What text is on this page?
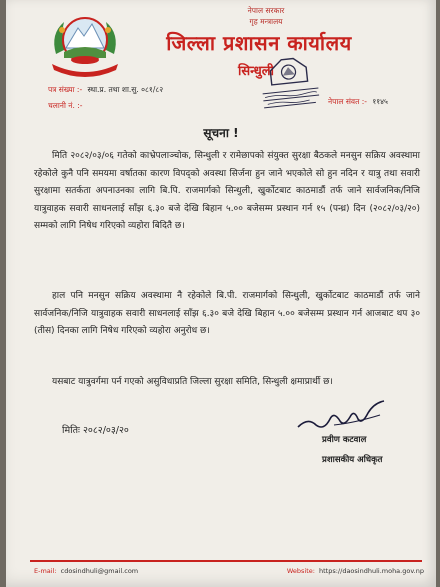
नेपाल सरकार
गृह मन्त्रालय
जिल्ला प्रशासन कार्यालय
सिन्धुली
पत्र संख्या :- स्था.प्र. तथा शा.सु. ०८१/८२
चलानी नं. :-	नेपाल संवत :- ११४५
सूचना !

मिति २०८२/०३/०६ गतेको काभ्रेपलाञ्चोक, सिन्धुली र रामेछापको संयुक्त सुरक्षा बैठकले मनसुन सक्रिय अवस्थामा रहेकोले कुनै पनि समयमा वर्षातका कारण विपद्को अवस्था सिर्जना हुन जाने भएकोले सो हुन नदिन र यात्रु तथा सवारी सुरक्षामा सतर्कता अपनाउनका लागि बि.पि. राजमार्गको सिन्धुली, खुर्कोटबाट काठमाडौं तर्फ जाने सार्वजनिक/निजि यात्रुवाहक सवारी साधनलाई साँझ ६.३० बजे देखि बिहान ५.०० बजेसम्म प्रस्थान गर्न १५ (पन्ध्र) दिन (२०८२/०३/२०) सम्मको लागि निषेध गरिएको व्यहोरा बिदितै छ।

हाल पनि मनसुन सक्रिय अवस्थामा नै रहेकोले बि.पी. राजमार्गको सिन्धुली, खुर्कोटबाट काठमाडौं तर्फ जाने सार्वजनिक/निजि यात्रुवाहक सवारी साधनलाई साँझ ६.३० बजे देखि बिहान ५.०० बजेसम्म प्रस्थान गर्न आजबाट थप ३० (तीस) दिनका लागि निषेध गरिएको व्यहोरा अनुरोध छ।

यसबाट यात्रुवर्गमा पर्न गएको असुविधाप्रति जिल्ला सुरक्षा समिति, सिन्धुली क्षमाप्रार्थी छ।

मितिः २०८२/०३/२०
प्रवीण कटवाल
प्रशासकीय अधिकृत
E-mail: cdosindhuli@gmail.com	Website: https://daosindhuli.moha.gov.np
